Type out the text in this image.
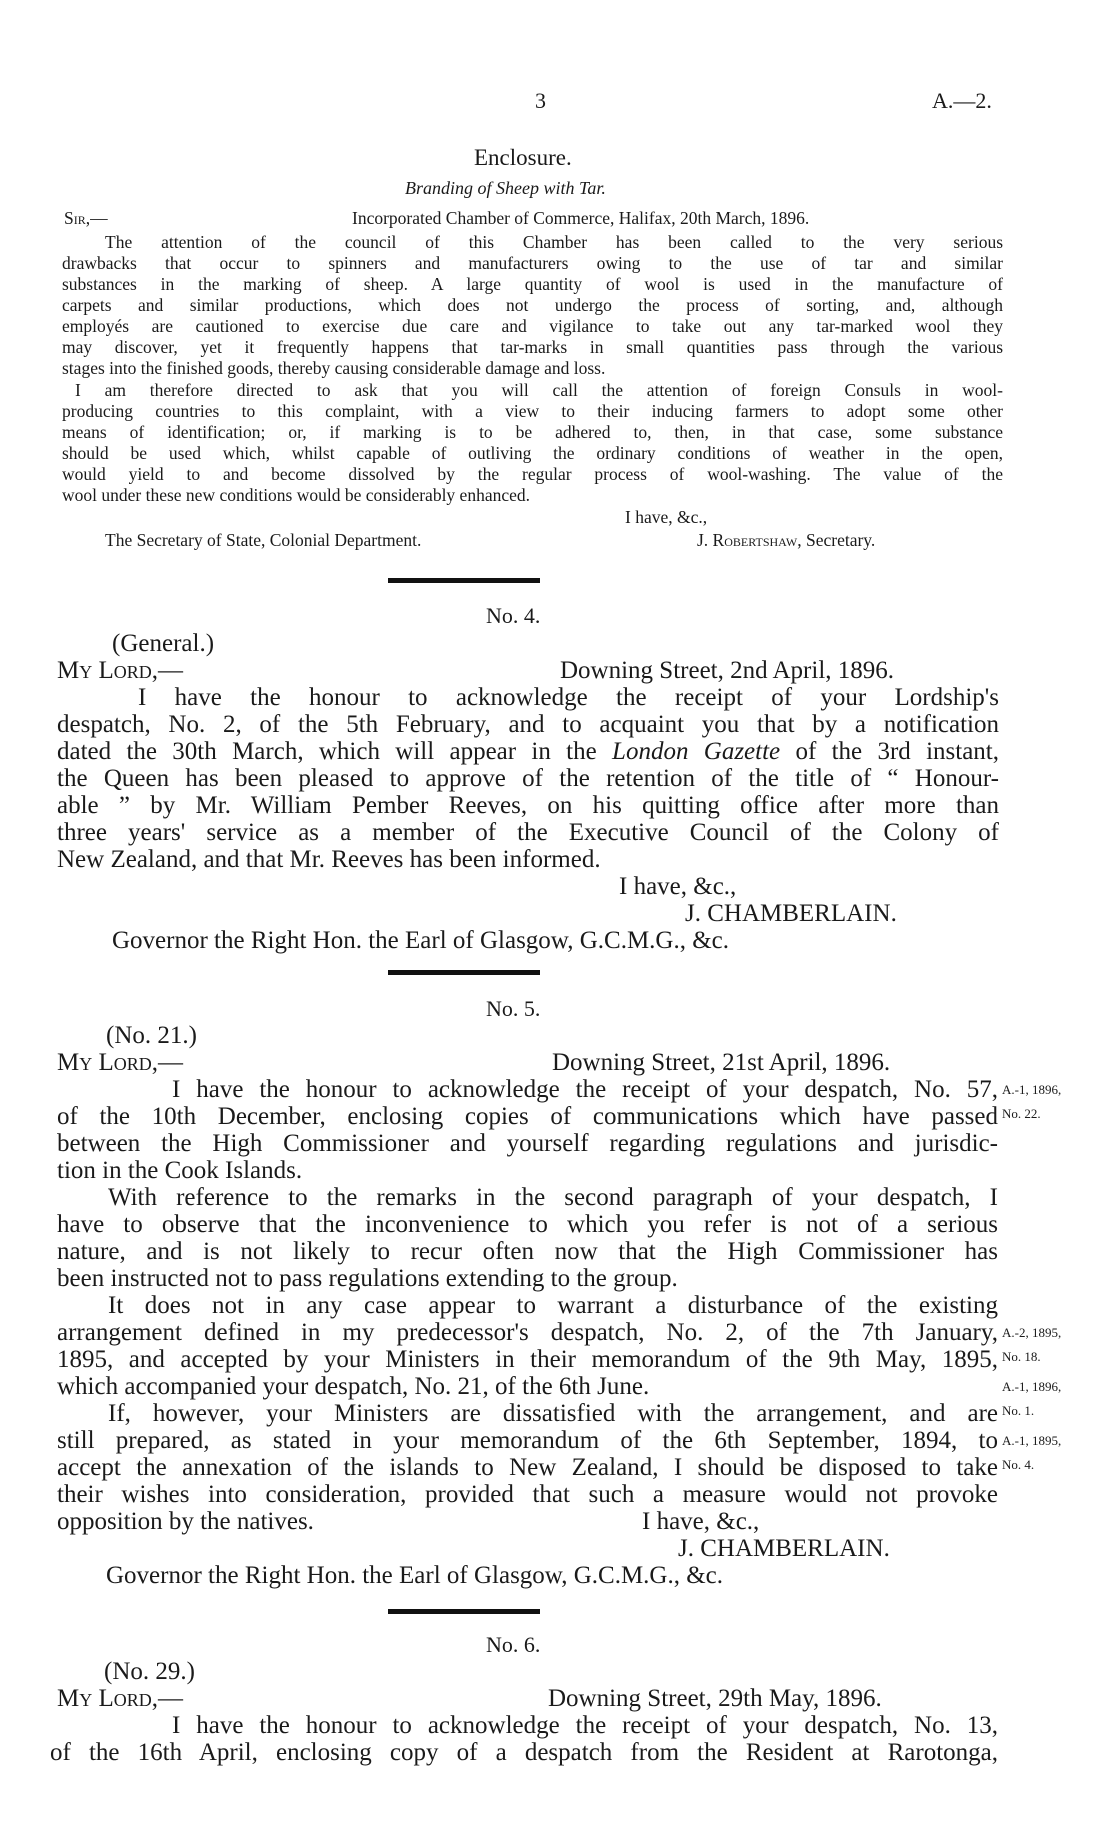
3	A.—2.
Enclosure.
Branding of Sheep with Tar.
Sir,—	Incorporated Chamber of Commerce, Halifax, 20th March, 1896.
The attention of the council of this Chamber has been called to the very serious
drawbacks that occur to spinners and manufacturers owing to the use of tar and similar
substances in the marking of sheep. A large quantity of wool is used in the manufacture of
carpets and similar productions, which does not undergo the process of sorting, and, although
employés are cautioned to exercise due care and vigilance to take out any tar-marked wool they
may discover, yet it frequently happens that tar-marks in small quantities pass through the various
stages into the finished goods, thereby causing considerable damage and loss.
I am therefore directed to ask that you will call the attention of foreign Consuls in wool-
producing countries to this complaint, with a view to their inducing farmers to adopt some other
means of identification; or, if marking is to be adhered to, then, in that case, some substance
should be used which, whilst capable of outliving the ordinary conditions of weather in the open,
would yield to and become dissolved by the regular process of wool-washing. The value of the
wool under these new conditions would be considerably enhanced.
I have, &c.,
The Secretary of State, Colonial Department.	J. Robertshaw, Secretary.
No. 4.
(General.)
My Lord,—	Downing Street, 2nd April, 1896.
I have the honour to acknowledge the receipt of your Lordship's
despatch, No. 2, of the 5th February, and to acquaint you that by a notification
dated the 30th March, which will appear in the London Gazette of the 3rd instant,
the Queen has been pleased to approve of the retention of the title of “ Honour-
able ” by Mr. William Pember Reeves, on his quitting office after more than
three years' service as a member of the Executive Council of the Colony of
New Zealand, and that Mr. Reeves has been informed.
I have, &c.,
J. CHAMBERLAIN.
Governor the Right Hon. the Earl of Glasgow, G.C.M.G., &c.
No. 5.
(No. 21.)
My Lord,—	Downing Street, 21st April, 1896.
I have the honour to acknowledge the receipt of your despatch, No. 57,
of the 10th December, enclosing copies of communications which have passed
between the High Commissioner and yourself regarding regulations and jurisdic-
tion in the Cook Islands.
With reference to the remarks in the second paragraph of your despatch, I
have to observe that the inconvenience to which you refer is not of a serious
nature, and is not likely to recur often now that the High Commissioner has
been instructed not to pass regulations extending to the group.
It does not in any case appear to warrant a disturbance of the existing
arrangement defined in my predecessor's despatch, No. 2, of the 7th January,
1895, and accepted by your Ministers in their memorandum of the 9th May, 1895,
which accompanied your despatch, No. 21, of the 6th June.
If, however, your Ministers are dissatisfied with the arrangement, and are
still prepared, as stated in your memorandum of the 6th September, 1894, to
accept the annexation of the islands to New Zealand, I should be disposed to take
their wishes into consideration, provided that such a measure would not provoke
opposition by the natives.	I have, &c.,
J. CHAMBERLAIN.
Governor the Right Hon. the Earl of Glasgow, G.C.M.G., &c.
A.-1, 1896,
No. 22.
A.-2, 1895,
No. 18.
A.-1, 1896,
No. 1.
A.-1, 1895,
No. 4.
No. 6.
(No. 29.)
My Lord,—	Downing Street, 29th May, 1896.
I have the honour to acknowledge the receipt of your despatch, No. 13,
of the 16th April, enclosing copy of a despatch from the Resident at Rarotonga,
